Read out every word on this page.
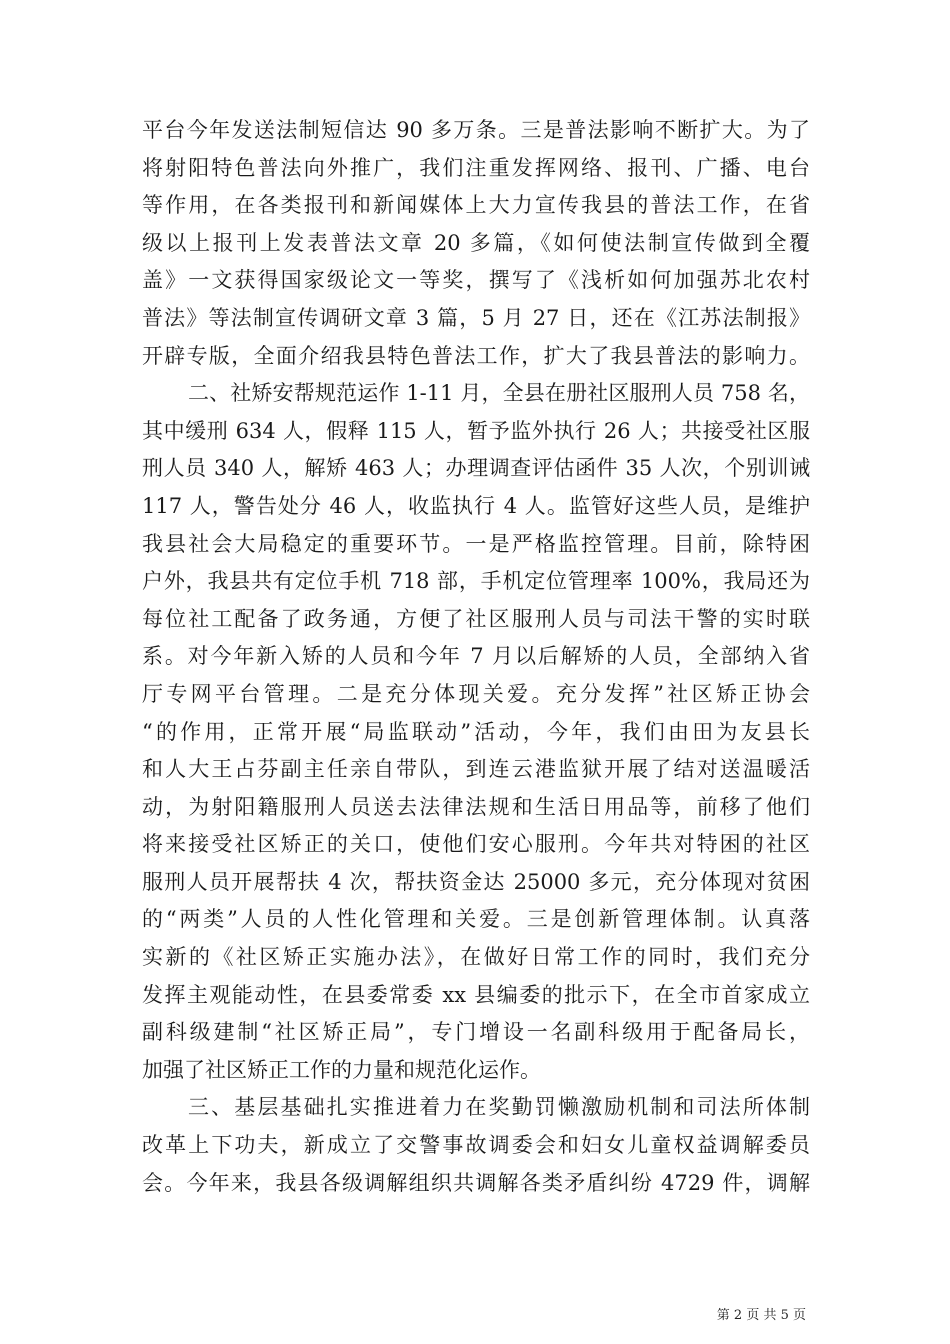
平台今年发送法制短信达 90 多万条。三是普法影响不断扩大。为了
将射阳特色普法向外推广，我们注重发挥网络、报刊、广播、电台
等作用，在各类报刊和新闻媒体上大力宣传我县的普法工作，在省
级以上报刊上发表普法文章 20 多篇，《如何使法制宣传做到全覆
盖》一文获得国家级论文一等奖，撰写了《浅析如何加强苏北农村
普法》等法制宣传调研文章 3 篇，5 月 27 日，还在《江苏法制报》
开辟专版，全面介绍我县特色普法工作，扩大了我县普法的影响力。
二、社矫安帮规范运作 1-11 月，全县在册社区服刑人员 758 名，
其中缓刑 634 人，假释 115 人，暂予监外执行 26 人；共接受社区服
刑人员 340 人，解矫 463 人；办理调查评估函件 35 人次，个别训诫
117 人，警告处分 46 人，收监执行 4 人。监管好这些人员，是维护
我县社会大局稳定的重要环节。一是严格监控管理。目前，除特困
户外，我县共有定位手机 718 部，手机定位管理率 100%，我局还为
每位社工配备了政务通，方便了社区服刑人员与司法干警的实时联
系。对今年新入矫的人员和今年 7 月以后解矫的人员，全部纳入省
厅专网平台管理。二是充分体现关爱。充分发挥”社区矫正协会
“的作用，正常开展“局监联动”活动，今年，我们由田为友县长
和人大王占芬副主任亲自带队，到连云港监狱开展了结对送温暖活
动，为射阳籍服刑人员送去法律法规和生活日用品等，前移了他们
将来接受社区矫正的关口，使他们安心服刑。今年共对特困的社区
服刑人员开展帮扶 4 次，帮扶资金达 25000 多元，充分体现对贫困
的“两类”人员的人性化管理和关爱。三是创新管理体制。认真落
实新的《社区矫正实施办法》，在做好日常工作的同时，我们充分
发挥主观能动性，在县委常委 xx 县编委的批示下，在全市首家成立
副科级建制“社区矫正局”，专门增设一名副科级用于配备局长，
加强了社区矫正工作的力量和规范化运作。
三、基层基础扎实推进着力在奖勤罚懒激励机制和司法所体制
改革上下功夫，新成立了交警事故调委会和妇女儿童权益调解委员
会。今年来，我县各级调解组织共调解各类矛盾纠纷 4729 件，调解
第 2 页 共 5 页
